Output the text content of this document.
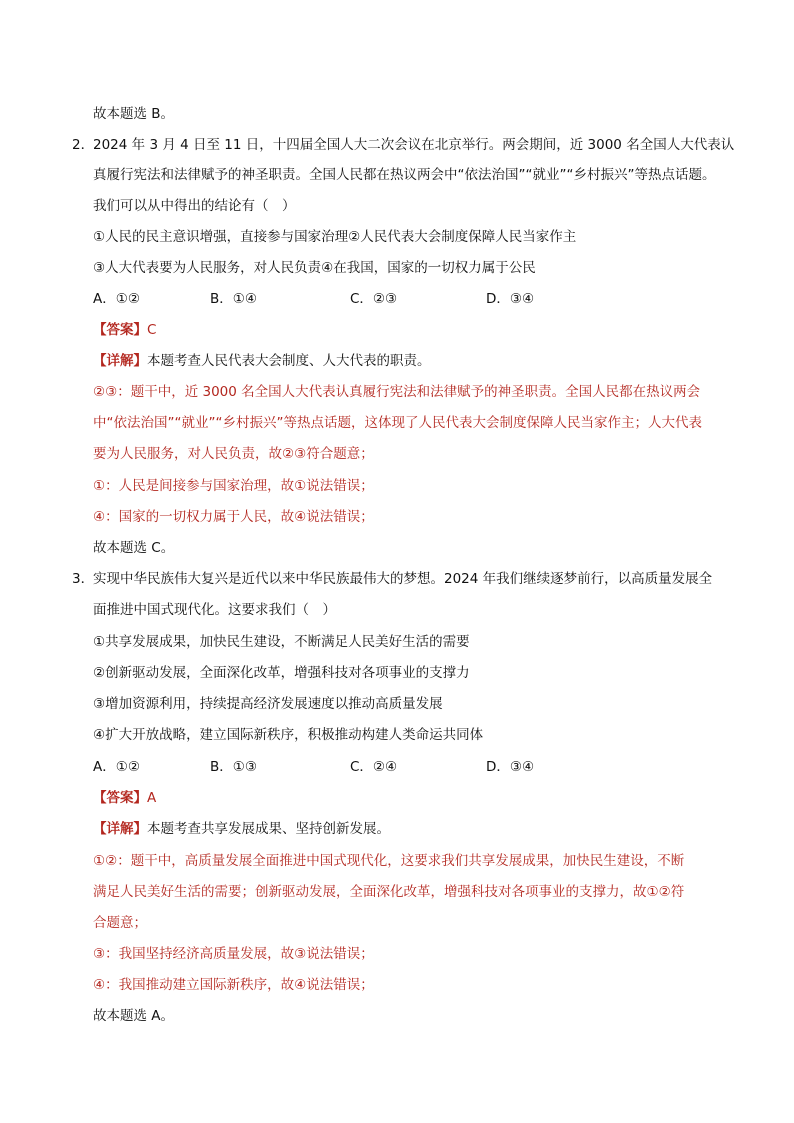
故本题选 B。
2．
2024 年 3 月 4 日至 11 日，十四届全国人大二次会议在北京举行。两会期间，近 3000 名全国人大代表认
真履行宪法和法律赋予的神圣职责。全国人民都在热议两会中“依法治国”“就业”“乡村振兴”等热点话题。
我们可以从中得出的结论有（　）
①人民的民主意识增强，直接参与国家治理②人民代表大会制度保障人民当家作主
③人大代表要为人民服务，对人民负责④在我国，国家的一切权力属于公民
A．①②	B．①④	C．②③	D．③④
【答案】C
【详解】本题考查人民代表大会制度、人大代表的职责。
②③：题干中，近 3000 名全国人大代表认真履行宪法和法律赋予的神圣职责。全国人民都在热议两会
中“依法治国”“就业”“乡村振兴”等热点话题，这体现了人民代表大会制度保障人民当家作主；人大代表
要为人民服务，对人民负责，故②③符合题意；
①：人民是间接参与国家治理，故①说法错误；
④：国家的一切权力属于人民，故④说法错误；
故本题选 C。
3．
实现中华民族伟大复兴是近代以来中华民族最伟大的梦想。2024 年我们继续逐梦前行，以高质量发展全
面推进中国式现代化。这要求我们（　）
①共享发展成果，加快民生建设，不断满足人民美好生活的需要
②创新驱动发展，全面深化改革，增强科技对各项事业的支撑力
③增加资源利用，持续提高经济发展速度以推动高质量发展
④扩大开放战略，建立国际新秩序，积极推动构建人类命运共同体
A．①②	B．①③	C．②④	D．③④
【答案】A
【详解】本题考查共享发展成果、坚持创新发展。
①②：题干中，高质量发展全面推进中国式现代化，这要求我们共享发展成果，加快民生建设，不断
满足人民美好生活的需要；创新驱动发展，全面深化改革，增强科技对各项事业的支撑力，故①②符
合题意；
③：我国坚持经济高质量发展，故③说法错误；
④：我国推动建立国际新秩序，故④说法错误；
故本题选 A。
